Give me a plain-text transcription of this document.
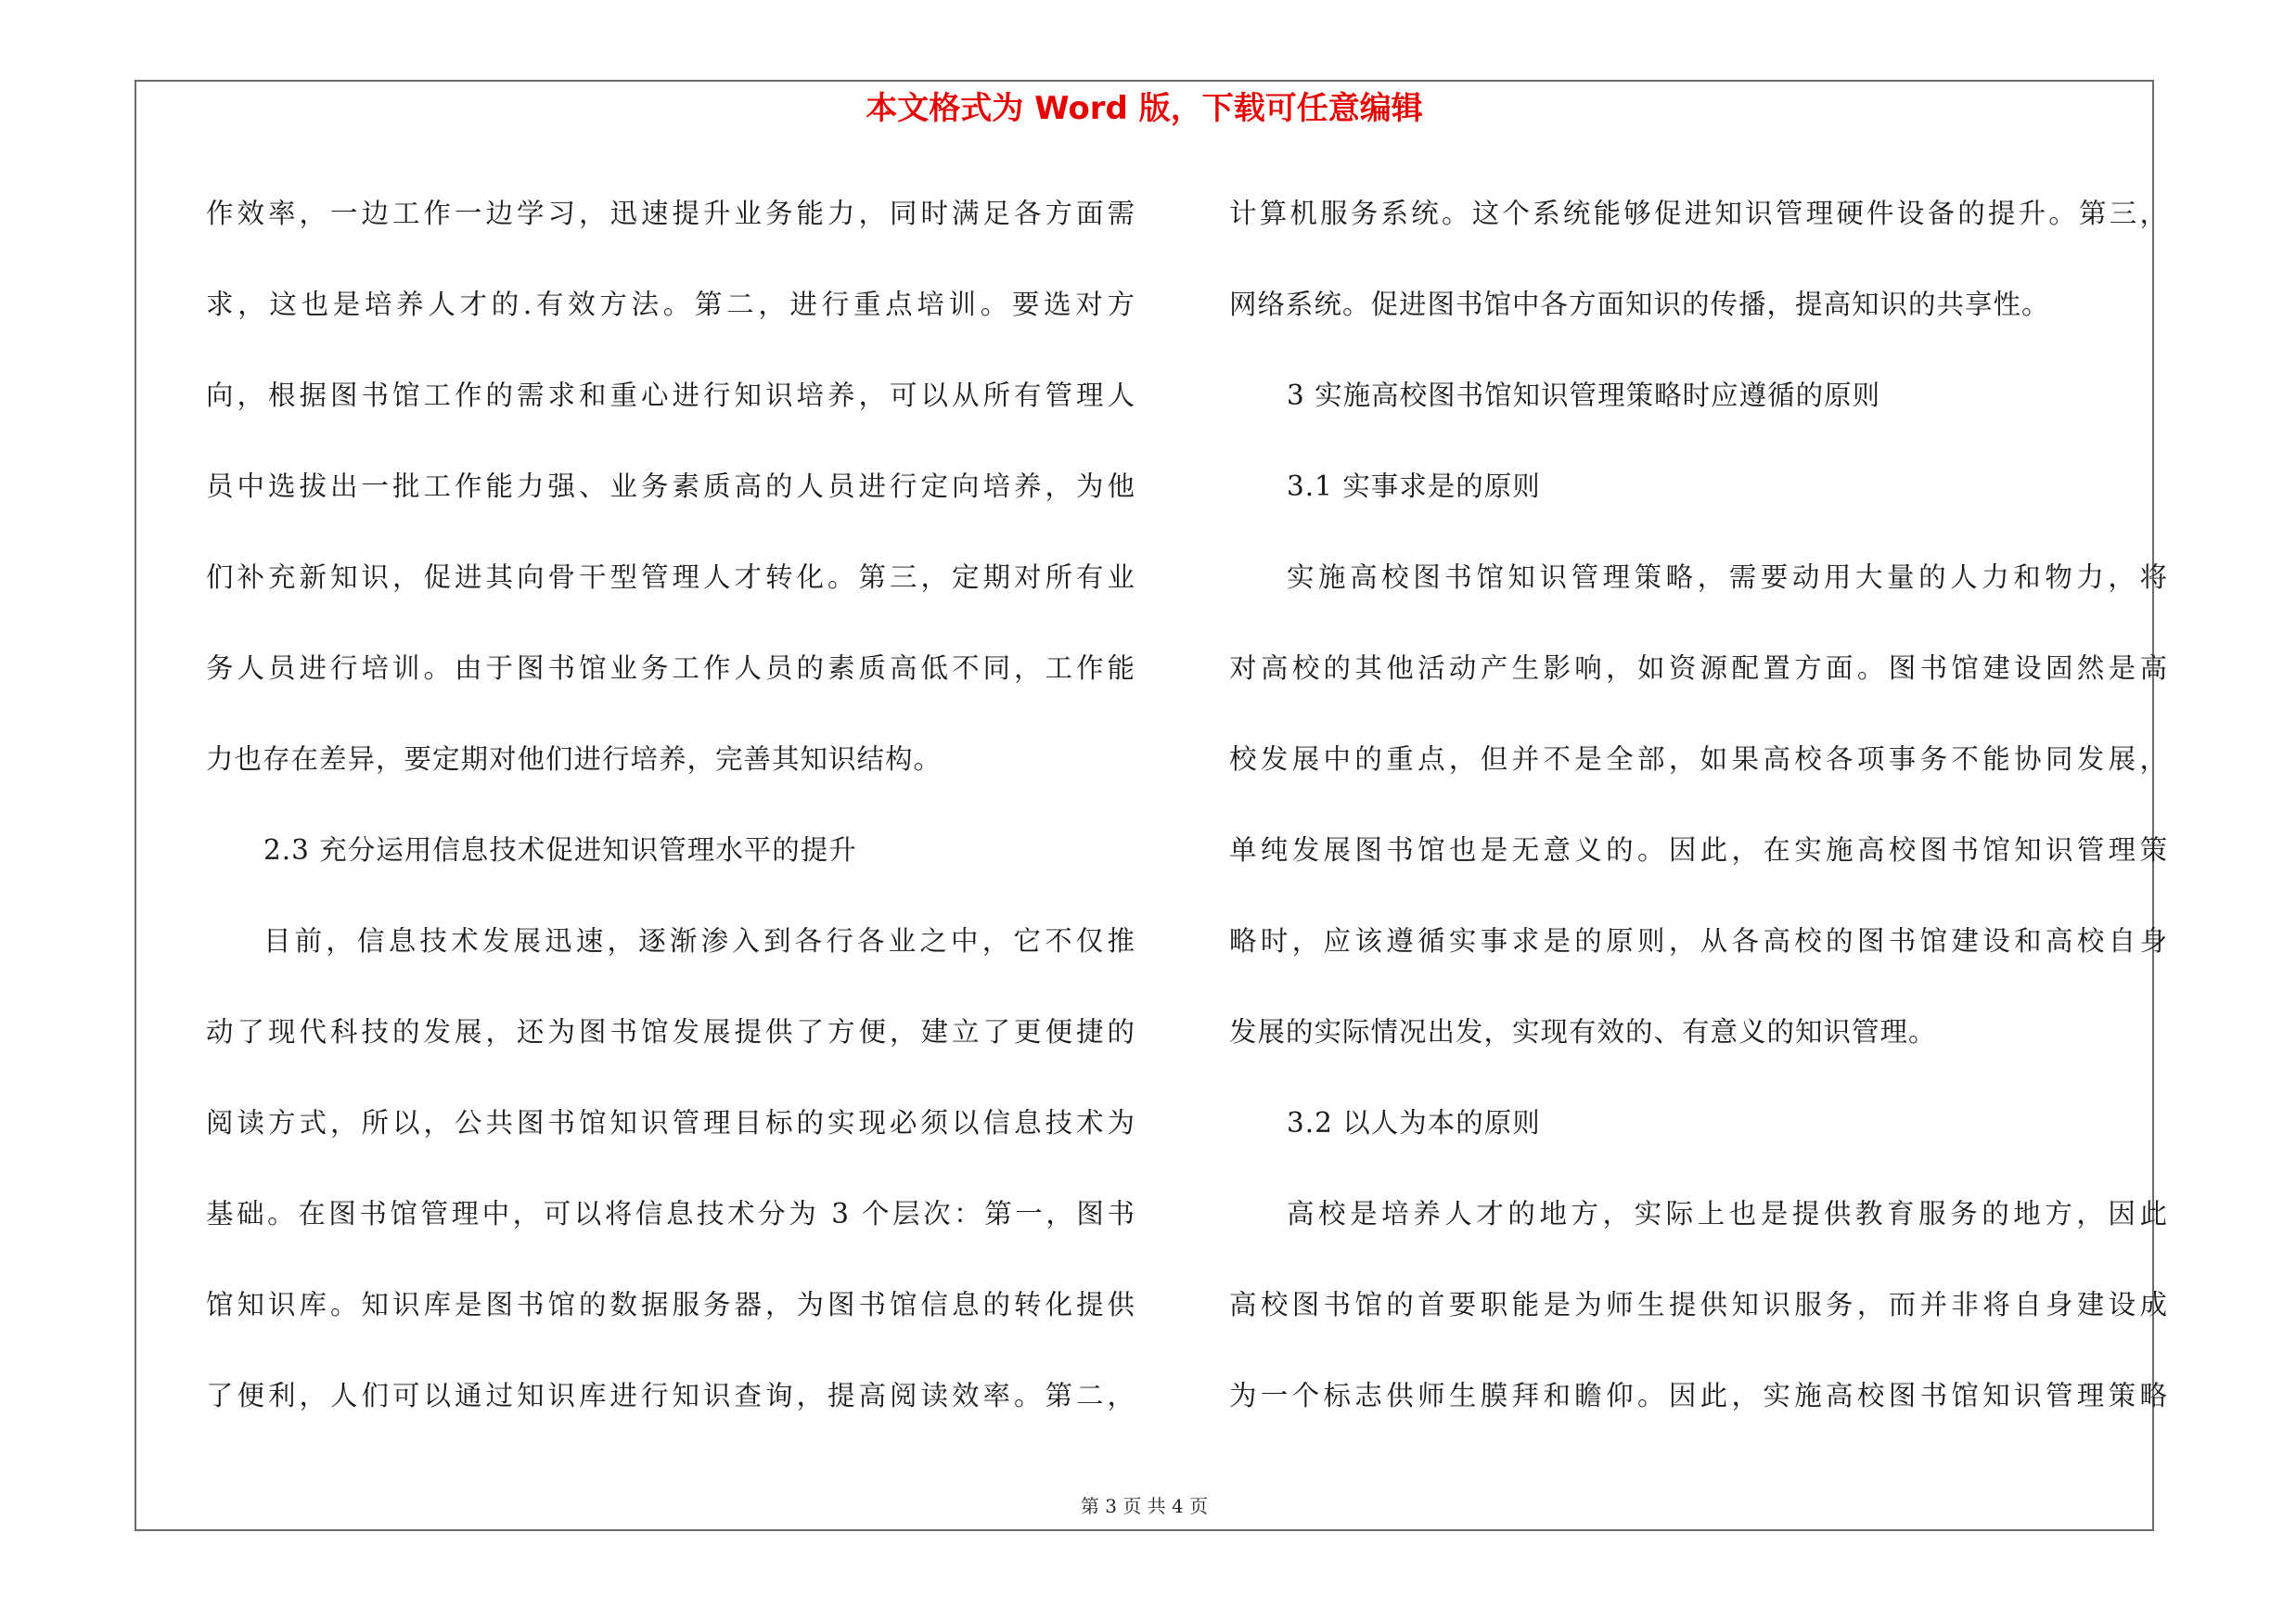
本文格式为 Word 版，下载可任意编辑
作效率，一边工作一边学习，迅速提升业务能力，同时满足各方面需
求，这也是培养人才的.有效方法。第二，进行重点培训。要选对方
向，根据图书馆工作的需求和重心进行知识培养，可以从所有管理人
员中选拔出一批工作能力强、业务素质高的人员进行定向培养，为他
们补充新知识，促进其向骨干型管理人才转化。第三，定期对所有业
务人员进行培训。由于图书馆业务工作人员的素质高低不同，工作能
力也存在差异，要定期对他们进行培养，完善其知识结构。
2.3 充分运用信息技术促进知识管理水平的提升
目前，信息技术发展迅速，逐渐渗入到各行各业之中，它不仅推
动了现代科技的发展，还为图书馆发展提供了方便，建立了更便捷的
阅读方式，所以，公共图书馆知识管理目标的实现必须以信息技术为
基础。在图书馆管理中，可以将信息技术分为 3 个层次：第一，图书
馆知识库。知识库是图书馆的数据服务器，为图书馆信息的转化提供
了便利，人们可以通过知识库进行知识查询，提高阅读效率。第二，
计算机服务系统。这个系统能够促进知识管理硬件设备的提升。第三，
网络系统。促进图书馆中各方面知识的传播，提高知识的共享性。
3 实施高校图书馆知识管理策略时应遵循的原则
3.1 实事求是的原则
实施高校图书馆知识管理策略，需要动用大量的人力和物力，将
对高校的其他活动产生影响，如资源配置方面。图书馆建设固然是高
校发展中的重点，但并不是全部，如果高校各项事务不能协同发展，
单纯发展图书馆也是无意义的。因此，在实施高校图书馆知识管理策
略时，应该遵循实事求是的原则，从各高校的图书馆建设和高校自身
发展的实际情况出发，实现有效的、有意义的知识管理。
3.2 以人为本的原则
高校是培养人才的地方，实际上也是提供教育服务的地方，因此
高校图书馆的首要职能是为师生提供知识服务，而并非将自身建设成
为一个标志供师生膜拜和瞻仰。因此，实施高校图书馆知识管理策略
第 3 页 共 4 页
